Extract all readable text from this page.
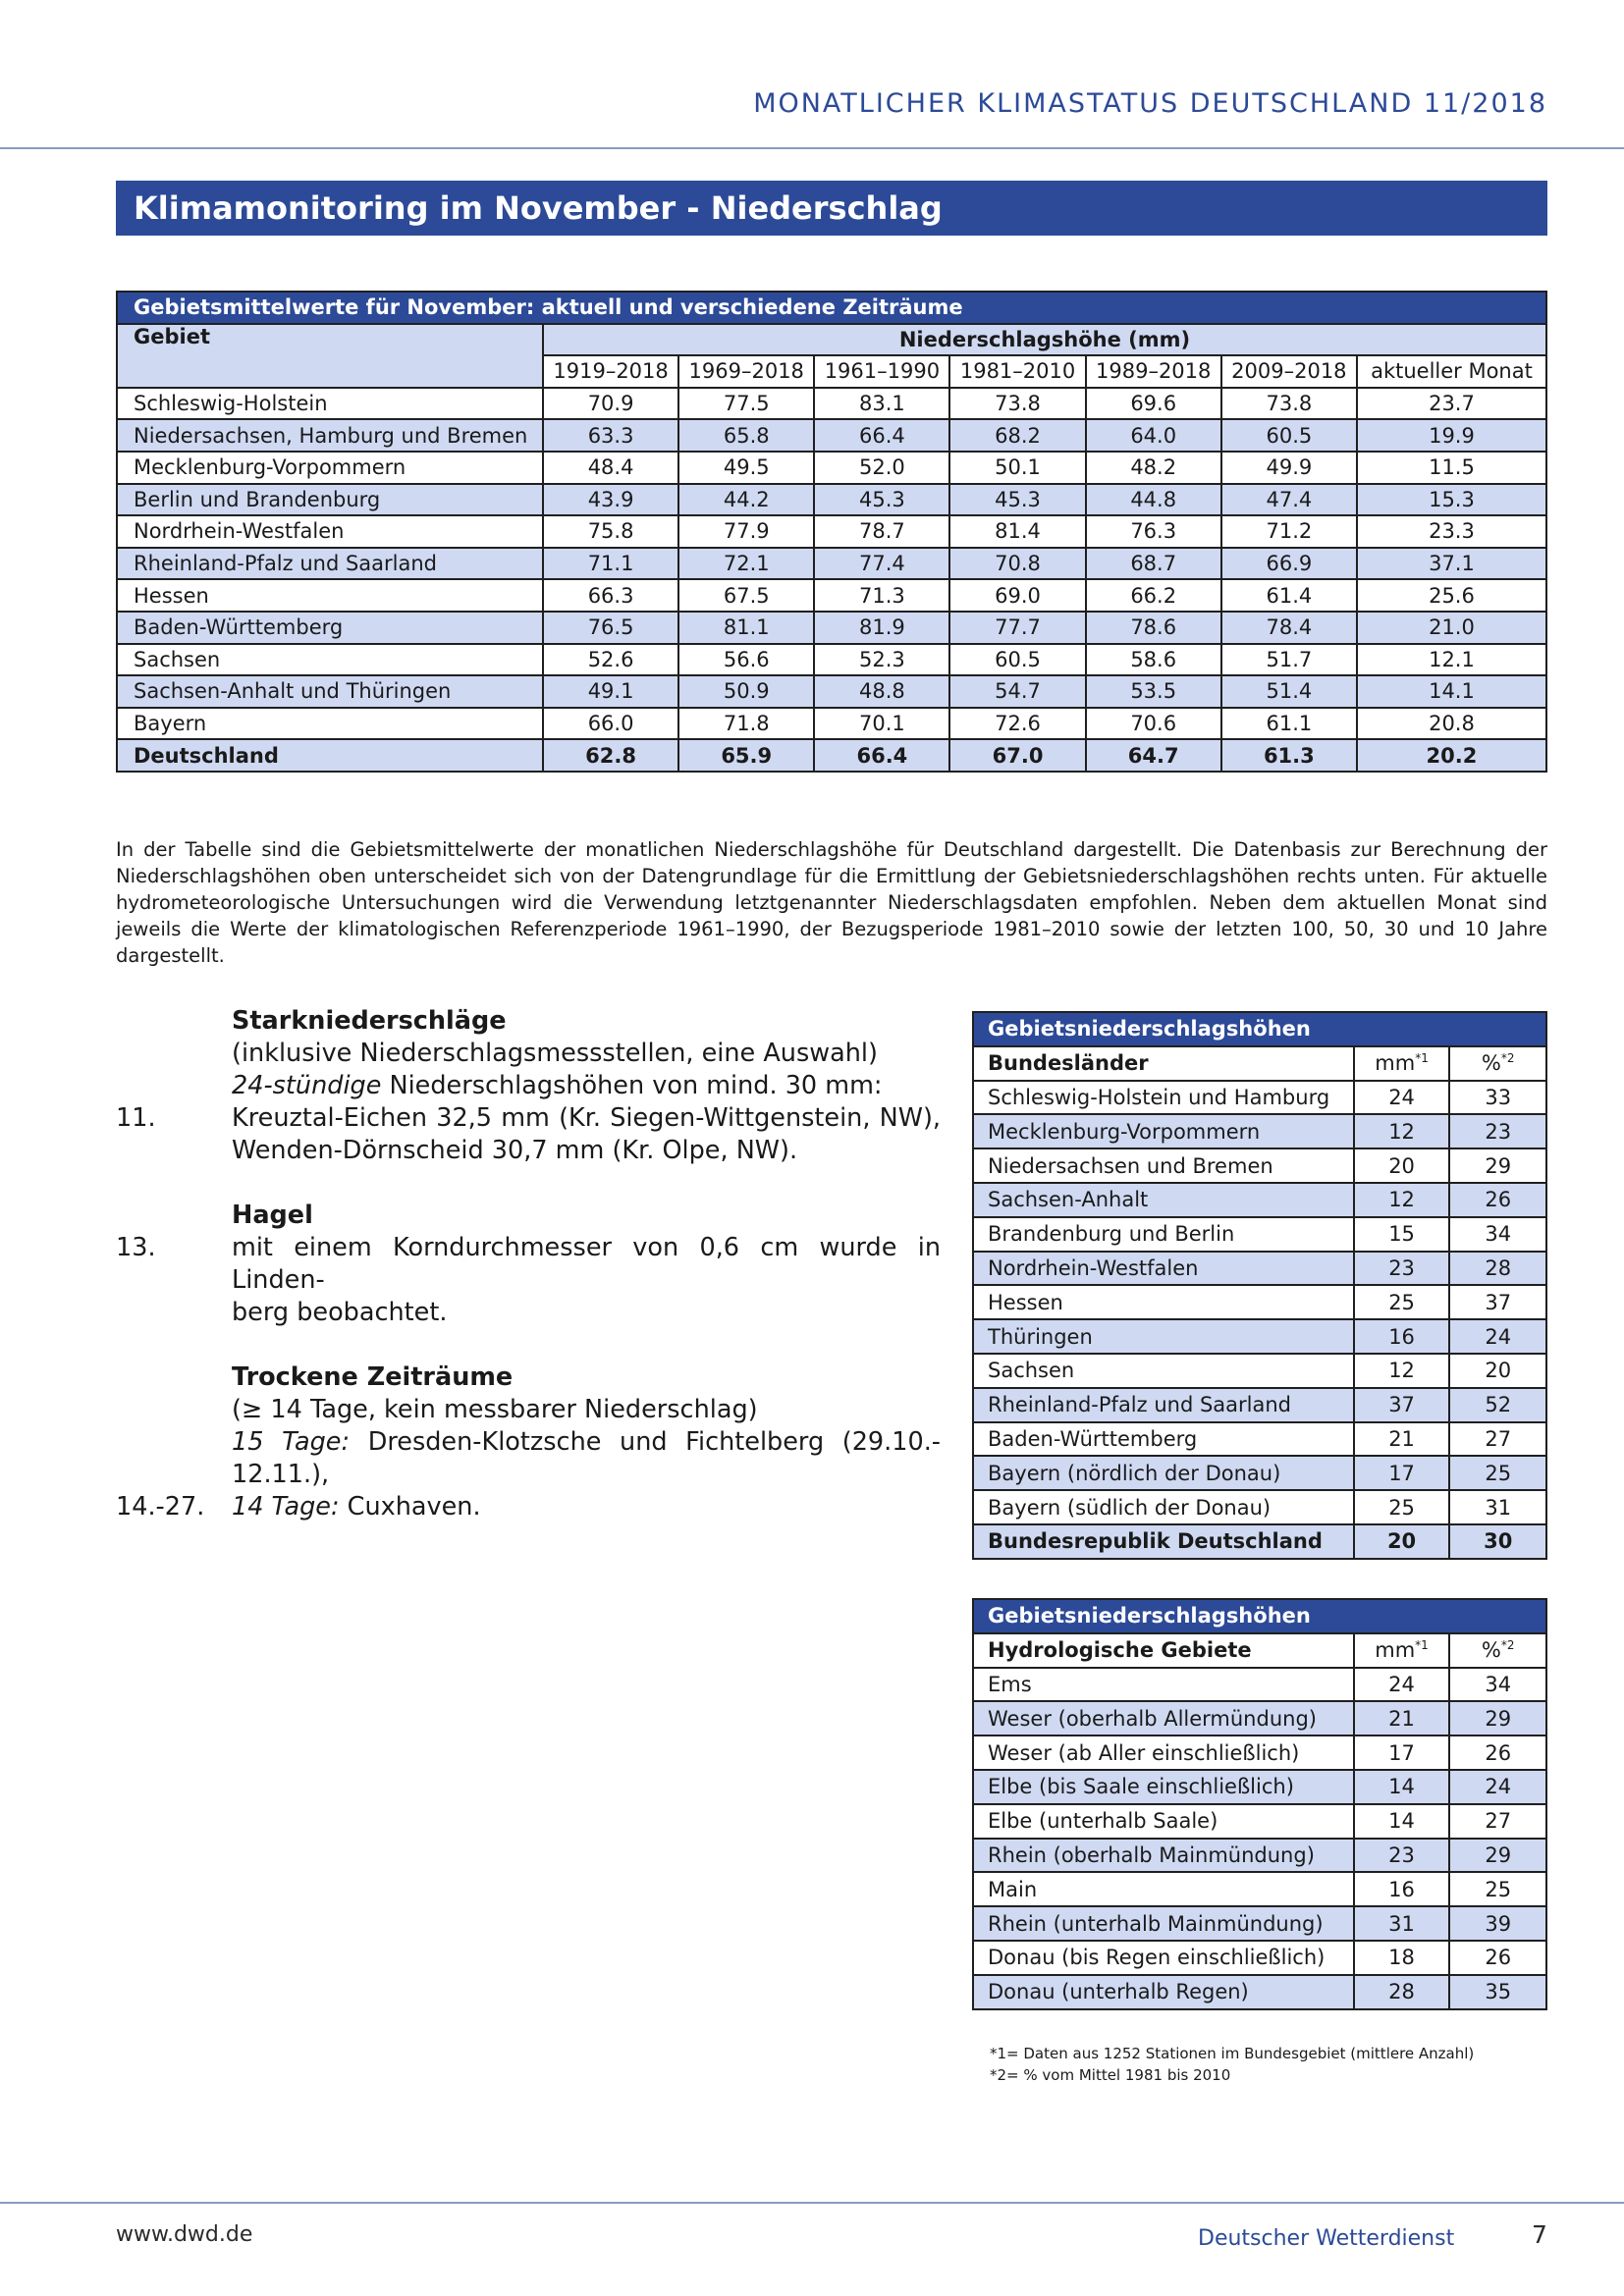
MONATLICHER KLIMASTATUS DEUTSCHLAND 11/2018
Klimamonitoring im November - Niederschlag
Gebietsmittelwerte für November: aktuell und verschiedene Zeiträume							
Gebiet	Niederschlagshöhe (mm)						
	1919–2018	1969–2018	1961–1990	1981–2010	1989–2018	2009–2018	aktueller Monat
Schleswig-Holstein	70.9	77.5	83.1	73.8	69.6	73.8	23.7
Niedersachsen, Hamburg und Bremen	63.3	65.8	66.4	68.2	64.0	60.5	19.9
Mecklenburg-Vorpommern	48.4	49.5	52.0	50.1	48.2	49.9	11.5
Berlin und Brandenburg	43.9	44.2	45.3	45.3	44.8	47.4	15.3
Nordrhein-Westfalen	75.8	77.9	78.7	81.4	76.3	71.2	23.3
Rheinland-Pfalz und Saarland	71.1	72.1	77.4	70.8	68.7	66.9	37.1
Hessen	66.3	67.5	71.3	69.0	66.2	61.4	25.6
Baden-Württemberg	76.5	81.1	81.9	77.7	78.6	78.4	21.0
Sachsen	52.6	56.6	52.3	60.5	58.6	51.7	12.1
Sachsen-Anhalt und Thüringen	49.1	50.9	48.8	54.7	53.5	51.4	14.1
Bayern	66.0	71.8	70.1	72.6	70.6	61.1	20.8
Deutschland	62.8	65.9	66.4	67.0	64.7	61.3	20.2
In der Tabelle sind die Gebietsmittelwerte der monatlichen Niederschlagshöhe für Deutschland dargestellt. Die Datenbasis zur Berechnung der Niederschlagshöhen oben unterscheidet sich von der Datengrundlage für die Ermittlung der Gebietsniederschlagshöhen rechts unten. Für aktuelle hydrometeorologische Untersuchungen wird die Verwendung letztgenannter Niederschlagsdaten empfohlen. Neben dem aktuellen Monat sind jeweils die Werte der klimatologischen Referenzperiode 1961–1990, der Bezugsperiode 1981–2010 sowie der letzten 100, 50, 30 und 10 Jahre dargestellt.
Starkniederschläge
(inklusive Niederschlagsmessstellen, eine Auswahl)
24-stündige Niederschlagshöhen von mind. 30 mm:
11.	Kreuztal-Eichen 32,5 mm (Kr. Siegen-Wittgenstein, NW),
Wenden-Dörnscheid 30,7 mm (Kr. Olpe, NW).
Hagel
13.	mit einem Korndurchmesser von 0,6 cm wurde in Linden-
berg beobachtet.
Trockene Zeiträume
(≥ 14 Tage, kein messbarer Niederschlag)
15 Tage: Dresden-Klotzsche und Fichtelberg (29.10.-
12.11.),
14.-27. 14 Tage: Cuxhaven.
Gebietsniederschlagshöhen		
Bundesländer	$mm^{*1}$	%$^{*2}$
Schleswig-Holstein und Hamburg	24	33
Mecklenburg-Vorpommern	12	23
Niedersachsen und Bremen	20	29
Sachsen-Anhalt	12	26
Brandenburg und Berlin	15	34
Nordrhein-Westfalen	23	28
Hessen	25	37
Thüringen	16	24
Sachsen	12	20
Rheinland-Pfalz und Saarland	37	52
Baden-Württemberg	21	27
Bayern (nördlich der Donau)	17	25
Bayern (südlich der Donau)	25	31
Bundesrepublik Deutschland	20	30
Gebietsniederschlagshöhen		
Hydrologische Gebiete	$mm^{*1}$	%$^{*2}$
Ems	24	34
Weser (oberhalb Allermündung)	21	29
Weser (ab Aller einschließlich)	17	26
Elbe (bis Saale einschließlich)	14	24
Elbe (unterhalb Saale)	14	27
Rhein (oberhalb Mainmündung)	23	29
Main	16	25
Rhein (unterhalb Mainmündung)	31	39
Donau (bis Regen einschließlich)	18	26
Donau (unterhalb Regen)	28	35
*1= Daten aus 1252 Stationen im Bundesgebiet (mittlere Anzahl)
*2= % vom Mittel 1981 bis 2010
www.dwd.de	Deutscher Wetterdienst	7
